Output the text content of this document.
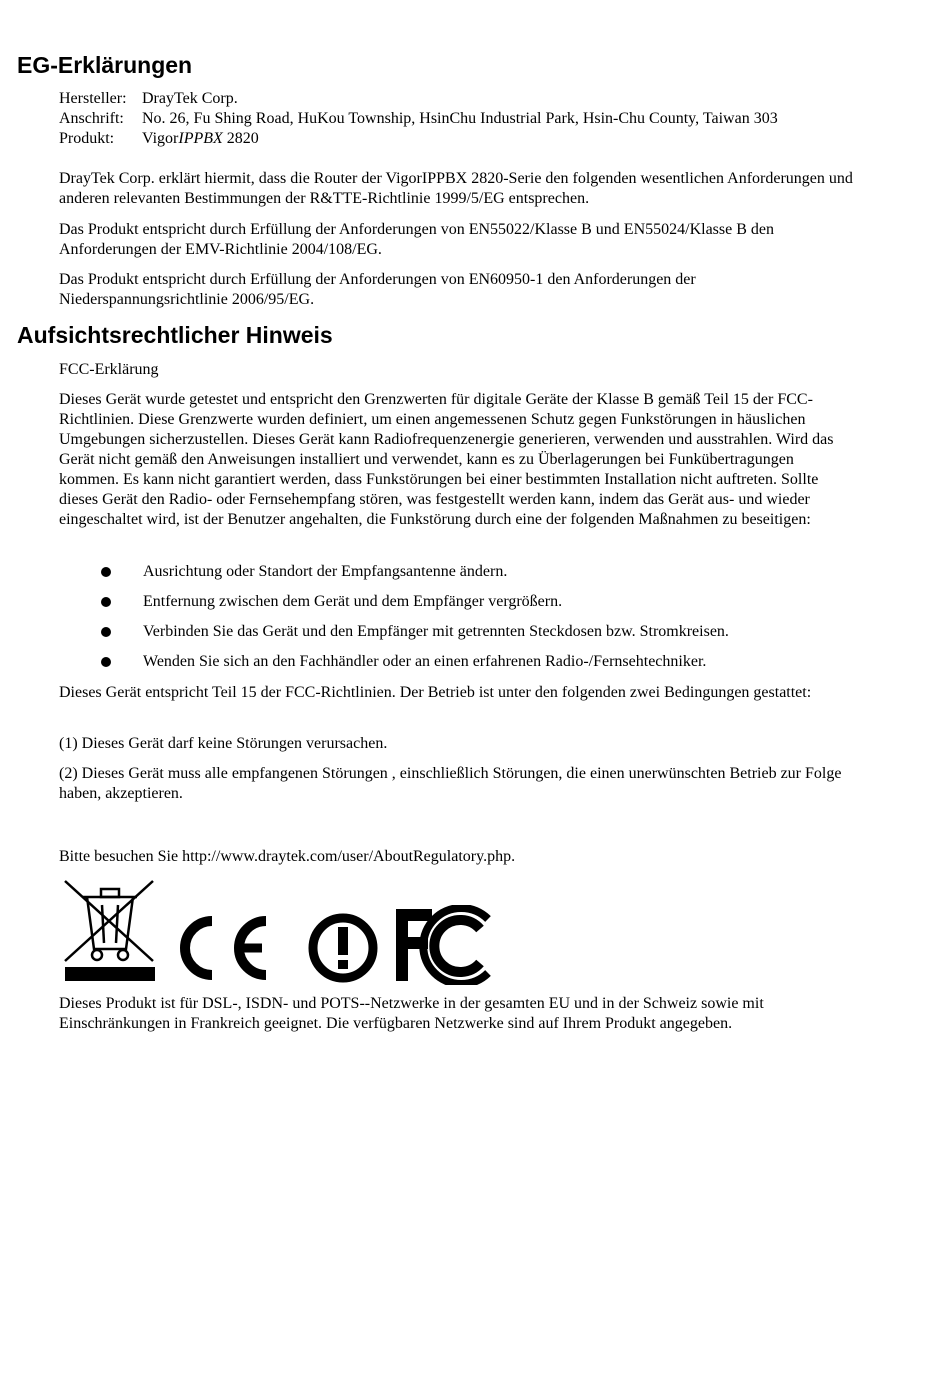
EG-Erklärungen
Hersteller:	DrayTek Corp.
Anschrift:	No. 26, Fu Shing Road, HuKou Township, HsinChu Industrial Park, Hsin-Chu County, Taiwan 303
Produkt:	VigorIPPBX 2820
DrayTek Corp. erklärt hiermit, dass die Router der VigorIPPBX 2820-Serie den folgenden wesentlichen Anforderungen und anderen relevanten Bestimmungen der R&TTE-Richtlinie 1999/5/EG entsprechen.
Das Produkt entspricht durch Erfüllung der Anforderungen von EN55022/Klasse B und EN55024/Klasse B den Anforderungen der EMV-Richtlinie 2004/108/EG.
Das Produkt entspricht durch Erfüllung der Anforderungen von EN60950-1 den Anforderungen der Niederspannungsrichtlinie 2006/95/EG.
Aufsichtsrechtlicher Hinweis
FCC-Erklärung
Dieses Gerät wurde getestet und entspricht den Grenzwerten für digitale Geräte der Klasse B gemäß Teil 15 der FCC-Richtlinien. Diese Grenzwerte wurden definiert, um einen angemessenen Schutz gegen Funkstörungen in häuslichen Umgebungen sicherzustellen. Dieses Gerät kann Radiofrequenzenergie generieren, verwenden und ausstrahlen. Wird das Gerät nicht gemäß den Anweisungen installiert und verwendet, kann es zu Überlagerungen bei Funkübertragungen kommen. Es kann nicht garantiert werden, dass Funkstörungen bei einer bestimmten Installation nicht auftreten. Sollte dieses Gerät den Radio- oder Fernsehempfang stören, was festgestellt werden kann, indem das Gerät aus- und wieder eingeschaltet wird, ist der Benutzer angehalten, die Funkstörung durch eine der folgenden Maßnahmen zu beseitigen:
Ausrichtung oder Standort der Empfangsantenne ändern.
Entfernung zwischen dem Gerät und dem Empfänger vergrößern.
Verbinden Sie das Gerät und den Empfänger mit getrennten Steckdosen bzw. Stromkreisen.
Wenden Sie sich an den Fachhändler oder an einen erfahrenen Radio-/Fernsehtechniker.
Dieses Gerät entspricht Teil 15 der FCC-Richtlinien. Der Betrieb ist unter den folgenden zwei Bedingungen gestattet:
(1) Dieses Gerät darf keine Störungen verursachen.
(2) Dieses Gerät muss alle empfangenen Störungen , einschließlich Störungen, die einen unerwünschten Betrieb zur Folge haben, akzeptieren.
Bitte besuchen Sie http://www.draytek.com/user/AboutRegulatory.php.
Dieses Produkt ist für DSL-, ISDN- und POTS--Netzwerke in der gesamten EU und in der Schweiz sowie mit Einschränkungen in Frankreich geeignet. Die verfügbaren Netzwerke sind auf Ihrem Produkt angegeben.
